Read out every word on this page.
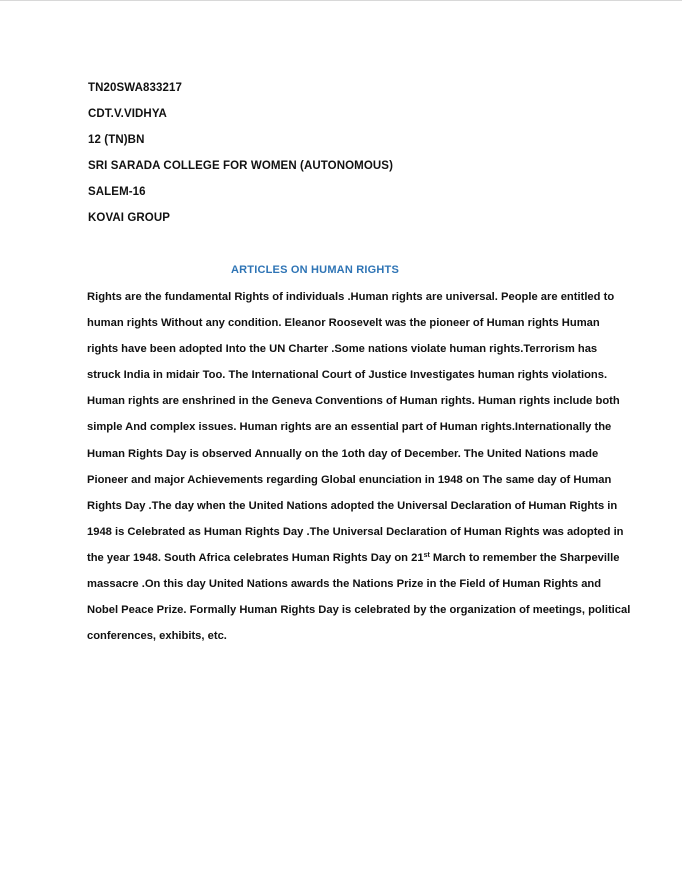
TN20SWA833217
CDT.V.VIDHYA
12 (TN)BN
SRI SARADA COLLEGE FOR WOMEN (AUTONOMOUS)
SALEM-16
KOVAI GROUP
ARTICLES ON HUMAN RIGHTS
Rights are the fundamental Rights of individuals .Human rights are universal. People are entitled to
human rights Without any condition. Eleanor Roosevelt was the pioneer of Human rights Human
rights have been adopted Into the UN Charter .Some nations violate human rights.Terrorism has
struck India in midair Too. The International Court of Justice Investigates human rights violations.
Human rights are enshrined in the Geneva Conventions of Human rights. Human rights include both
simple And complex issues. Human rights are an essential part of Human rights.Internationally the
Human Rights Day is observed Annually on the 1oth day of December. The United Nations made
Pioneer and major Achievements regarding Global enunciation in 1948 on The same day of Human
Rights Day .The day when the United Nations adopted the Universal Declaration of Human Rights in
1948 is Celebrated as Human Rights Day .The Universal Declaration of Human Rights was adopted in
the year 1948. South Africa celebrates Human Rights Day on 21st March to remember the Sharpeville
massacre .On this day United Nations awards the Nations Prize in the Field of Human Rights and
Nobel Peace Prize. Formally Human Rights Day is celebrated by the organization of meetings, political
conferences, exhibits, etc.
